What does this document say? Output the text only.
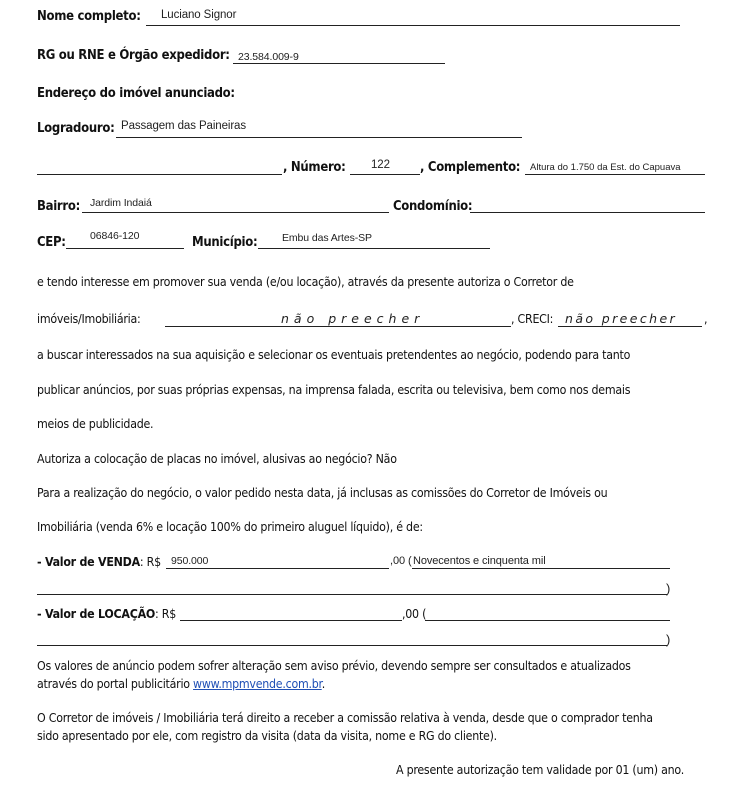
Nome completo: Luciano Signor
RG ou RNE e Órgão expedidor: 23.584.009-9
Endereço do imóvel anunciado:
Logradouro: Passagem das Paineiras
, Número: 122 , Complemento: Altura do 1.750 da Est. do Capuava
Bairro: Jardim Indaiá	Condomínio:
CEP: 06846-120	Município: Embu das Artes-SP
e tendo interesse em promover sua venda (e/ou locação), através da presente autoriza o Corretor de
imóveis/Imobiliária:	não preecher	, CRECI: não preecher ,
a buscar interessados na sua aquisição e selecionar os eventuais pretendentes ao negócio, podendo para tanto
publicar anúncios, por suas próprias expensas, na imprensa falada, escrita ou televisiva, bem como nos demais
meios de publicidade.
Autoriza a colocação de placas no imóvel, alusivas ao negócio? Não
Para a realização do negócio, o valor pedido nesta data, já inclusas as comissões do Corretor de Imóveis ou
Imobiliária (venda 6% e locação 100% do primeiro aluguel líquido), é de:
- Valor de VENDA: R$ 950.000	,00 ( Novecentos e cinquenta mil
)
- Valor de LOCAÇÃO: R$	,00 (
)
Os valores de anúncio podem sofrer alteração sem aviso prévio, devendo sempre ser consultados e atualizados
através do portal publicitário www.mpmvende.com.br.
O Corretor de imóveis / Imobiliária terá direito a receber a comissão relativa à venda, desde que o comprador tenha
sido apresentado por ele, com registro da visita (data da visita, nome e RG do cliente).
A presente autorização tem validade por 01 (um) ano.
